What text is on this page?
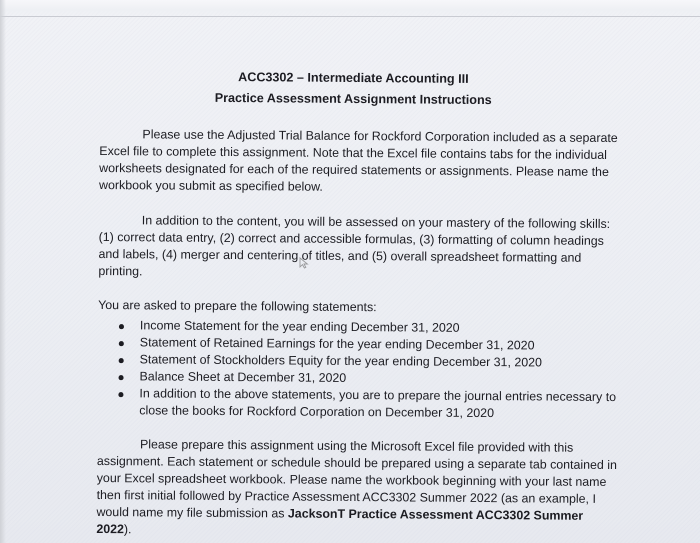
ACC3302 – Intermediate Accounting III

Practice Assessment Assignment Instructions

Please use the Adjusted Trial Balance for Rockford Corporation included as a separate Excel file to complete this assignment. Note that the Excel file contains tabs for the individual worksheets designated for each of the required statements or assignments. Please name the workbook you submit as specified below.

In addition to the content, you will be assessed on your mastery of the following skills: (1) correct data entry, (2) correct and accessible formulas, (3) formatting of column headings and labels, (4) merger and centering of titles, and (5) overall spreadsheet formatting and printing.

You are asked to prepare the following statements:

Income Statement for the year ending December 31, 2020
Statement of Retained Earnings for the year ending December 31, 2020
Statement of Stockholders Equity for the year ending December 31, 2020
Balance Sheet at December 31, 2020
In addition to the above statements, you are to prepare the journal entries necessary to close the books for Rockford Corporation on December 31, 2020

Please prepare this assignment using the Microsoft Excel file provided with this assignment. Each statement or schedule should be prepared using a separate tab contained in your Excel spreadsheet workbook. Please name the workbook beginning with your last name then first initial followed by Practice Assessment ACC3302 Summer 2022 (as an example, I would name my file submission as JacksonT Practice Assessment ACC3302 Summer 2022).
